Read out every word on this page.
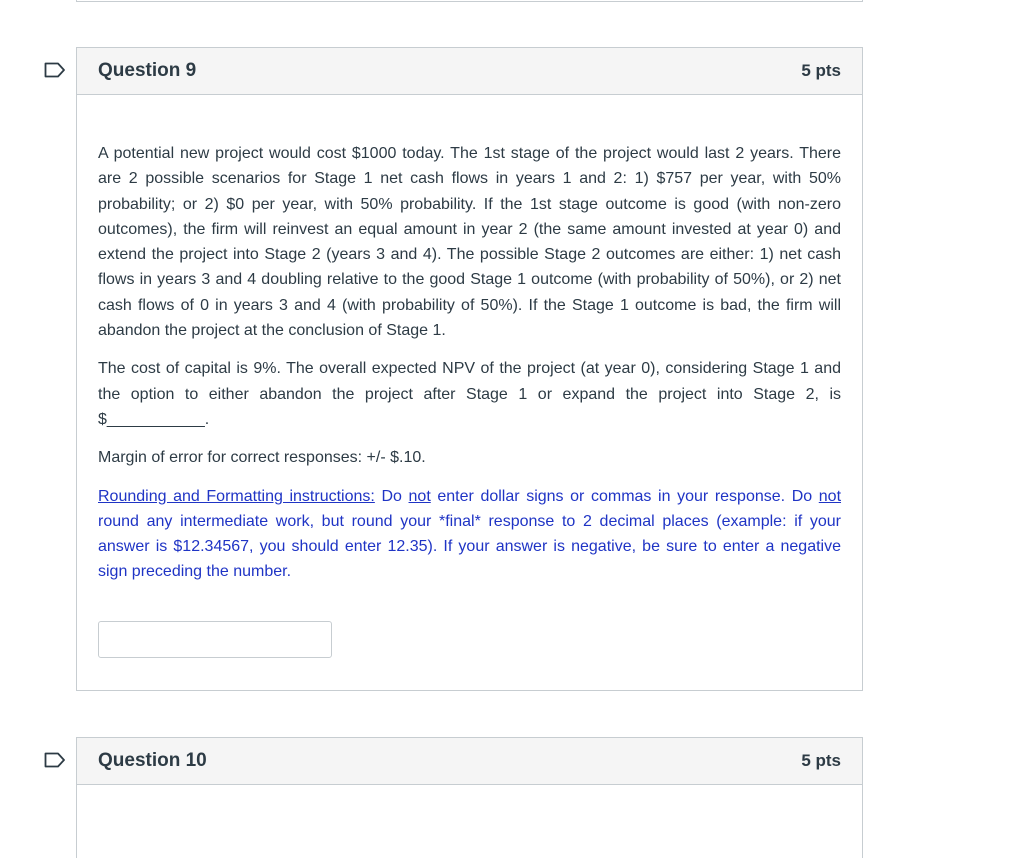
Question 9	5 pts

A potential new project would cost $1000 today. The 1st stage of the project would last 2 years. There are 2 possible scenarios for Stage 1 net cash flows in years 1 and 2: 1) $757 per year, with 50% probability; or 2) $0 per year, with 50% probability. If the 1st stage outcome is good (with non-zero outcomes), the firm will reinvest an equal amount in year 2 (the same amount invested at year 0) and extend the project into Stage 2 (years 3 and 4). The possible Stage 2 outcomes are either: 1) net cash flows in years 3 and 4 doubling relative to the good Stage 1 outcome (with probability of 50%), or 2) net cash flows of 0 in years 3 and 4 (with probability of 50%). If the Stage 1 outcome is bad, the firm will abandon the project at the conclusion of Stage 1.

The cost of capital is 9%. The overall expected NPV of the project (at year 0), considering Stage 1 and the option to either abandon the project after Stage 1 or expand the project into Stage 2, is $___________.

Margin of error for correct responses: +/- $.10.

Rounding and Formatting instructions: Do not enter dollar signs or commas in your response. Do not round any intermediate work, but round your *final* response to 2 decimal places (example: if your answer is $12.34567, you should enter 12.35). If your answer is negative, be sure to enter a negative sign preceding the number.

Question 10	5 pts
